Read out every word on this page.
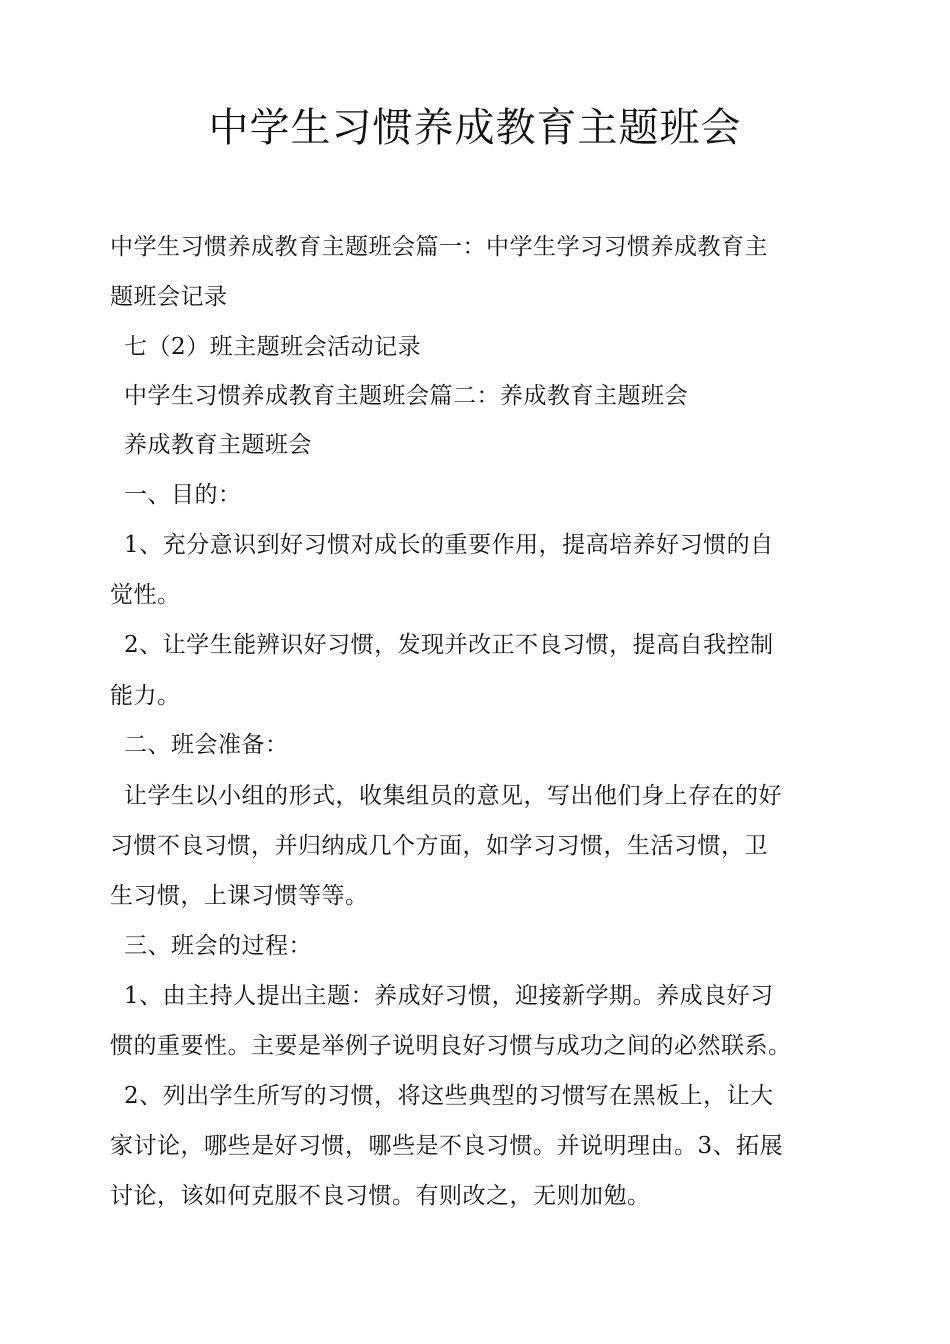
中学生习惯养成教育主题班会
中学生习惯养成教育主题班会篇一：中学生学习习惯养成教育主
题班会记录
七（2）班主题班会活动记录
中学生习惯养成教育主题班会篇二：养成教育主题班会
养成教育主题班会
一、目的：
1、充分意识到好习惯对成长的重要作用，提高培养好习惯的自
觉性。
2、让学生能辨识好习惯，发现并改正不良习惯，提高自我控制
能力。
二、班会准备：
让学生以小组的形式，收集组员的意见，写出他们身上存在的好
习惯不良习惯，并归纳成几个方面，如学习习惯，生活习惯，卫
生习惯，上课习惯等等。
三、班会的过程：
1、由主持人提出主题：养成好习惯，迎接新学期。养成良好习
惯的重要性。主要是举例子说明良好习惯与成功之间的必然联系。
2、列出学生所写的习惯，将这些典型的习惯写在黑板上，让大
家讨论，哪些是好习惯，哪些是不良习惯。并说明理由。3、拓展
讨论，该如何克服不良习惯。有则改之，无则加勉。
